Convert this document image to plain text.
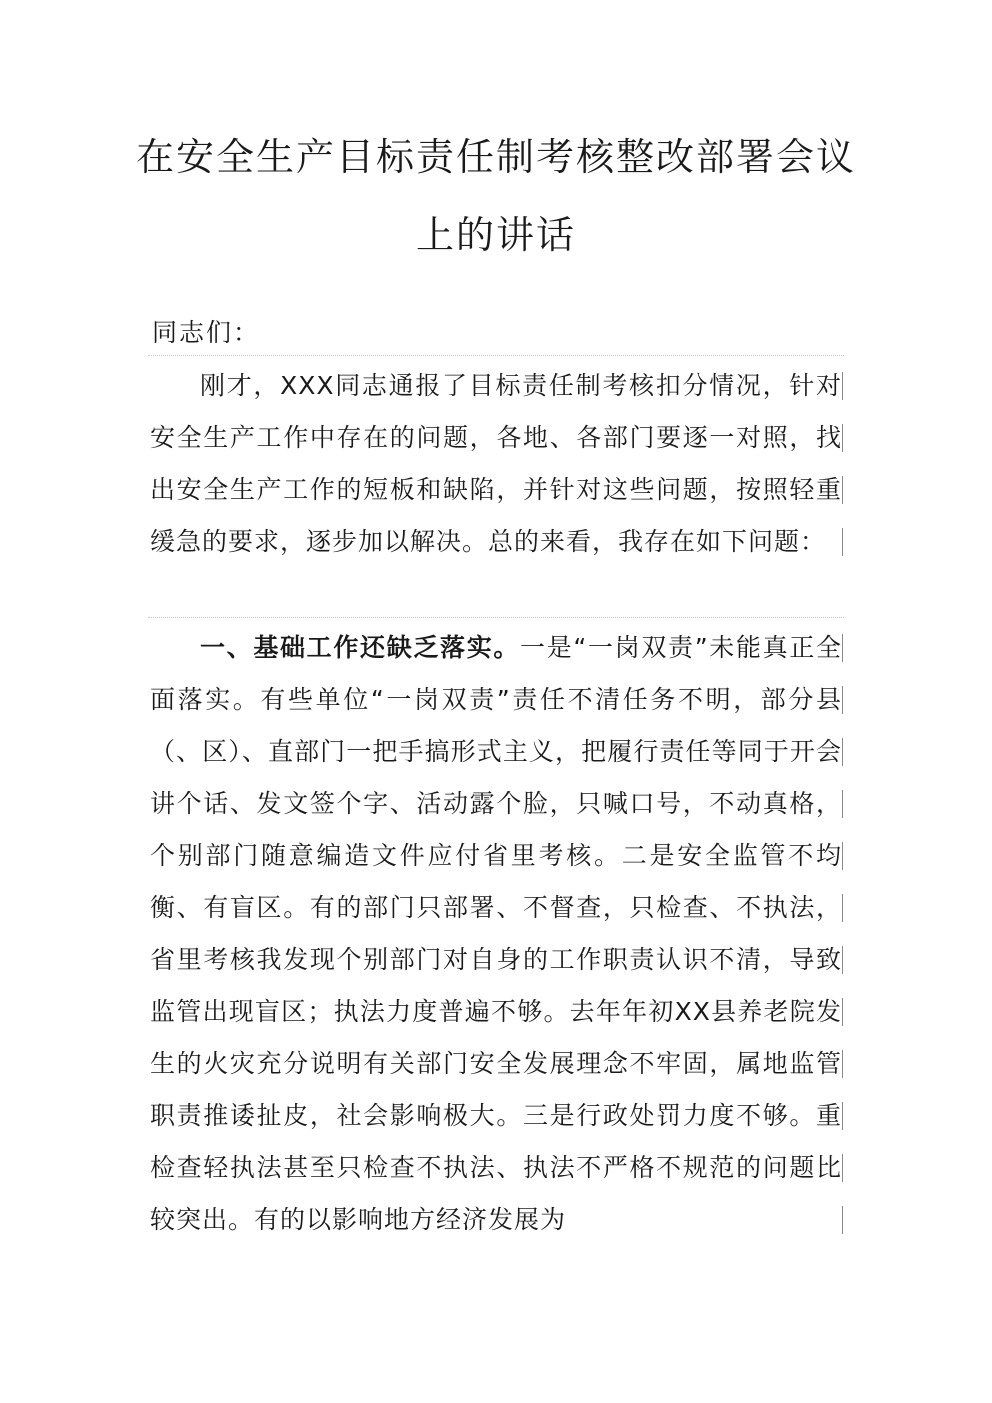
在安全生产目标责任制考核整改部署会议
上的讲话
同志们：
刚才，XXX同志通报了目标责任制考核扣分情况，针对安全生产工作中存在的问题，各地、各部门要逐一对照，找出安全生产工作的短板和缺陷，并针对这些问题，按照轻重缓急的要求，逐步加以解决。总的来看，我存在如下问题：
一、基础工作还缺乏落实。一是“一岗双责”未能真正全面落实。有些单位“一岗双责”责任不清任务不明，部分县（、区）、直部门一把手搞形式主义，把履行责任等同于开会讲个话、发文签个字、活动露个脸，只喊口号，不动真格，个别部门随意编造文件应付省里考核。二是安全监管不均衡、有盲区。有的部门只部署、不督查，只检查、不执法，省里考核我发现个别部门对自身的工作职责认识不清，导致监管出现盲区；执法力度普遍不够。去年年初XX县养老院发生的火灾充分说明有关部门安全发展理念不牢固，属地监管职责推诿扯皮，社会影响极大。三是行政处罚力度不够。重检查轻执法甚至只检查不执法、执法不严格不规范的问题比较突出。有的以影响地方经济发展为
